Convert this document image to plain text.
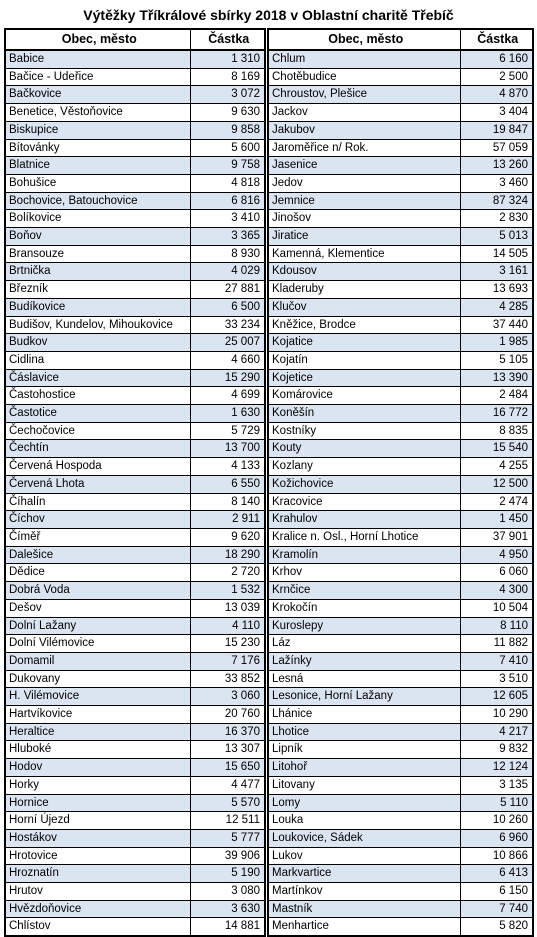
Výtěžky Tříkrálové sbírky 2018 v Oblastní charitě Třebíč
Obec, město	Částka
Babice	1 310
Bačice - Udeřice	8 169
Bačkovice	3 072
Benetice, Věstoňovice	9 630
Biskupice	9 858
Bítovánky	5 600
Blatnice	9 758
Bohušice	4 818
Bochovice, Batouchovice	6 816
Bolíkovice	3 410
Boňov	3 365
Bransouze	8 930
Brtnička	4 029
Březník	27 881
Budíkovice	6 500
Budišov, Kundelov, Mihoukovice	33 234
Budkov	25 007
Cidlina	4 660
Čáslavice	15 290
Častohostice	4 699
Častotice	1 630
Čechočovice	5 729
Čechtín	13 700
Červená Hospoda	4 133
Červená Lhota	6 550
Číhalín	8 140
Číchov	2 911
Číměř	9 620
Dalešice	18 290
Dědice	2 720
Dobrá Voda	1 532
Dešov	13 039
Dolní Lažany	4 110
Dolní Vilémovice	15 230
Domamil	7 176
Dukovany	33 852
H. Vilémovice	3 060
Hartvíkovice	20 760
Heraltice	16 370
Hluboké	13 307
Hodov	15 650
Horky	4 477
Hornice	5 570
Horní Újezd	12 511
Hostákov	5 777
Hrotovice	39 906
Hroznatín	5 190
Hrutov	3 080
Hvězdoňovice	3 630
Chlístov	14 881
Obec, město	Částka
Chlum	6 160
Chotěbudice	2 500
Chroustov, Plešice	4 870
Jackov	3 404
Jakubov	19 847
Jaroměřice n/ Rok.	57 059
Jasenice	13 260
Jedov	3 460
Jemnice	87 324
Jinošov	2 830
Jiratice	5 013
Kamenná, Klementice	14 505
Kdousov	3 161
Kladeruby	13 693
Klučov	4 285
Kněžice, Brodce	37 440
Kojatice	1 985
Kojatín	5 105
Kojetice	13 390
Komárovice	2 484
Koněšín	16 772
Kostníky	8 835
Kouty	15 540
Kozlany	4 255
Kožichovice	12 500
Kracovice	2 474
Krahulov	1 450
Kralice n. Osl., Horní Lhotice	37 901
Kramolín	4 950
Krhov	6 060
Krnčice	4 300
Krokočín	10 504
Kuroslepy	8 110
Láz	11 882
Lažínky	7 410
Lesná	3 510
Lesonice, Horní Lažany	12 605
Lhánice	10 290
Lhotice	4 217
Lipník	9 832
Litohoř	12 124
Litovany	3 135
Lomy	5 110
Louka	10 260
Loukovice, Sádek	6 960
Lukov	10 866
Markvartice	6 413
Martínkov	6 150
Mastník	7 740
Menhartice	5 820
